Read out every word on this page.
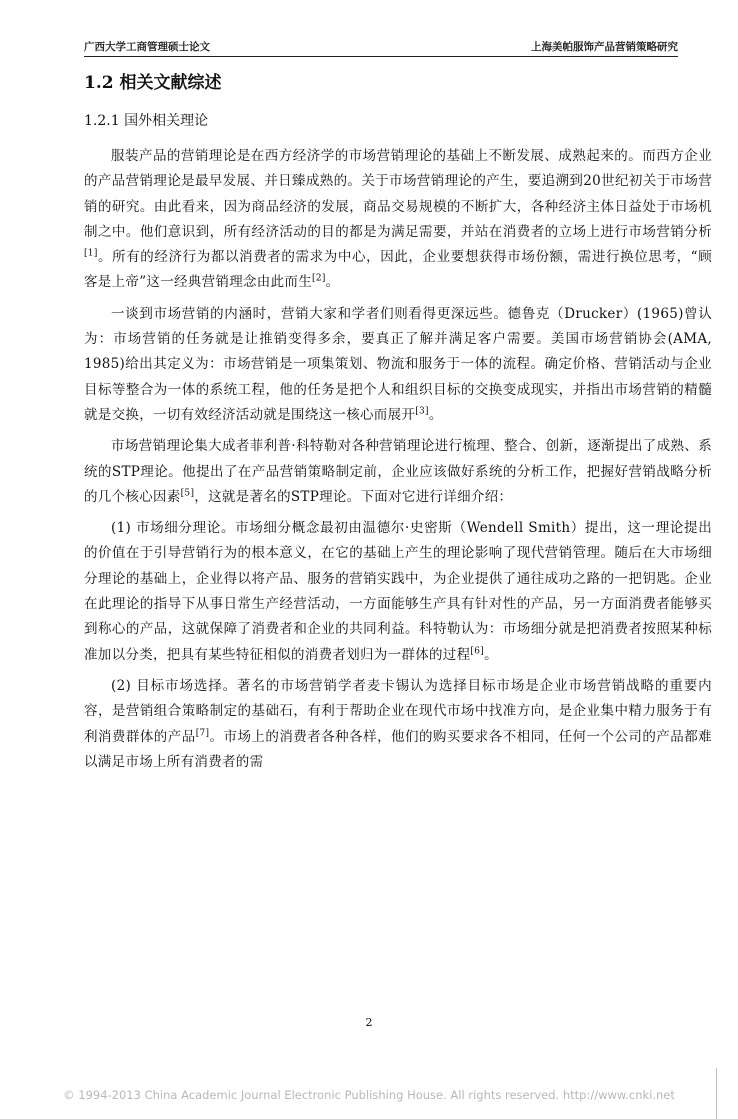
广西大学工商管理硕士论文	上海美帕服饰产品营销策略研究
1.2 相关文献综述
1.2.1 国外相关理论

服装产品的营销理论是在西方经济学的市场营销理论的基础上不断发展、成熟起来的。而西方企业的产品营销理论是最早发展、并日臻成熟的。关于市场营销理论的产生，要追溯到20世纪初关于市场营销的研究。由此看来，因为商品经济的发展，商品交易规模的不断扩大，各种经济主体日益处于市场机制之中。他们意识到，所有经济活动的目的都是为满足需要，并站在消费者的立场上进行市场营销分析[1]。所有的经济行为都以消费者的需求为中心，因此，企业要想获得市场份额，需进行换位思考，“顾客是上帝”这一经典营销理念由此而生[2]。

一谈到市场营销的内涵时，营销大家和学者们则看得更深远些。德鲁克（Drucker）(1965)曾认为：市场营销的任务就是让推销变得多余，要真正了解并满足客户需要。美国市场营销协会(AMA, 1985)给出其定义为：市场营销是一项集策划、物流和服务于一体的流程。确定价格、营销活动与企业目标等整合为一体的系统工程，他的任务是把个人和组织目标的交换变成现实，并指出市场营销的精髓就是交换，一切有效经济活动就是围绕这一核心而展开[3]。

市场营销理论集大成者菲利普·科特勒对各种营销理论进行梳理、整合、创新，逐渐提出了成熟、系统的STP理论。他提出了在产品营销策略制定前，企业应该做好系统的分析工作，把握好营销战略分析的几个核心因素[5]，这就是著名的STP理论。下面对它进行详细介绍：

(1) 市场细分理论。市场细分概念最初由温德尔·史密斯（Wendell Smith）提出，这一理论提出的价值在于引导营销行为的根本意义，在它的基础上产生的理论影响了现代营销管理。随后在大市场细分理论的基础上，企业得以将产品、服务的营销实践中，为企业提供了通往成功之路的一把钥匙。企业在此理论的指导下从事日常生产经营活动，一方面能够生产具有针对性的产品，另一方面消费者能够买到称心的产品，这就保障了消费者和企业的共同利益。科特勒认为：市场细分就是把消费者按照某种标准加以分类，把具有某些特征相似的消费者划归为一群体的过程[6]。

(2) 目标市场选择。著名的市场营销学者麦卡锡认为选择目标市场是企业市场营销战略的重要内容，是营销组合策略制定的基础石，有利于帮助企业在现代市场中找准方向，是企业集中精力服务于有利消费群体的产品[7]。市场上的消费者各种各样，他们的购买要求各不相同，任何一个公司的产品都难以满足市场上所有消费者的需

2
© 1994-2013 China Academic Journal Electronic Publishing House. All rights reserved. http://www.cnki.net
